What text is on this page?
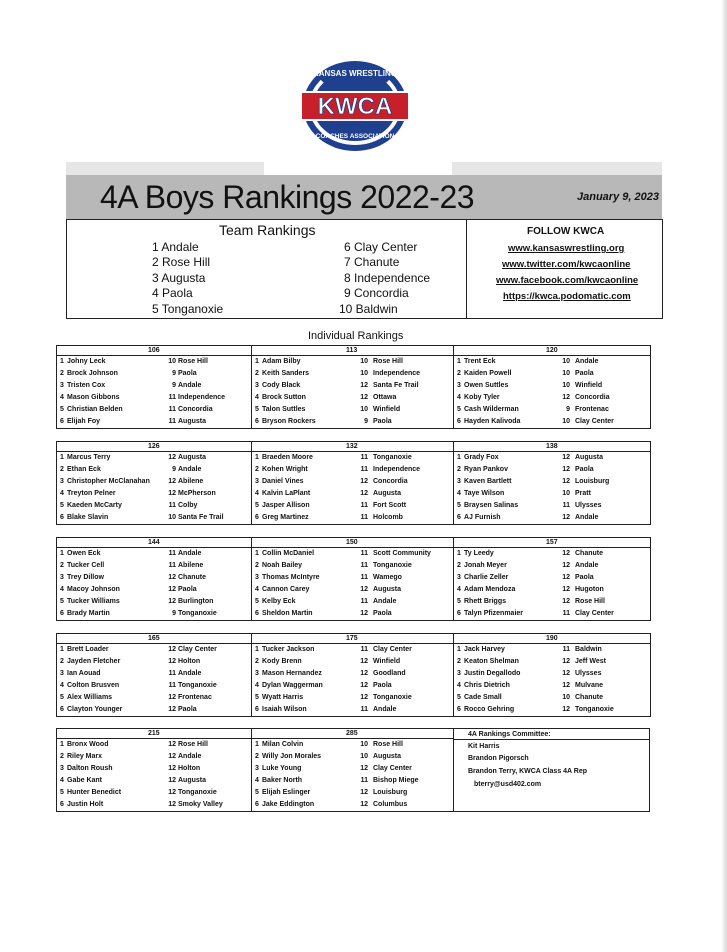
KANSAS WRESTLING
KWCA
COACHES ASSOCIATION
4A Boys Rankings 2022-23	January 9, 2023
Team Rankings
1 Andale
2 Rose Hill
3 Augusta
4 Paola
5 Tonganoxie
6 Clay Center
7 Chanute
8 Independence
9 Concordia
10 Baldwin
FOLLOW KWCA
www.kansaswrestling.org
www.twitter.com/kwcaonline
www.facebook.com/kwcaonline
https://kwca.podomatic.com
Individual Rankings
106
1 Johny Leck	10 Rose Hill
2 Brock Johnson	9 Paola
3 Tristen Cox	9 Andale
4 Mason Gibbons	11 Independence
5 Christian Belden	11 Concordia
6 Elijah Foy	11 Augusta
113
1 Adam Bilby	10 Rose Hill
2 Keith Sanders	10 Independence
3 Cody Black	12 Santa Fe Trail
4 Brock Sutton	12 Ottawa
5 Talon Suttles	10 Winfield
6 Bryson Rockers	9 Paola
120
1 Trent Eck	10 Andale
2 Kaiden Powell	10 Paola
3 Owen Suttles	10 Winfield
4 Koby Tyler	12 Concordia
5 Cash Wilderman	9 Frontenac
6 Hayden Kalivoda	10 Clay Center
126
1 Marcus Terry	12 Augusta
2 Ethan Eck	9 Andale
3 Christopher McClanahan	12 Abilene
4 Treyton Pelner	12 McPherson
5 Kaeden McCarty	11 Colby
6 Blake Slavin	10 Santa Fe Trail
132
1 Braeden Moore	11 Tonganoxie
2 Kohen Wright	11 Independence
3 Daniel Vines	12 Concordia
4 Kalvin LaPlant	12 Augusta
5 Jasper Allison	11 Fort Scott
6 Greg Martinez	11 Holcomb
138
1 Grady Fox	12 Augusta
2 Ryan Pankov	12 Paola
3 Kaven Bartlett	12 Louisburg
4 Taye Wilson	10 Pratt
5 Braysen Salinas	11 Ulysses
6 AJ Furnish	12 Andale
144
1 Owen Eck	11 Andale
2 Tucker Cell	11 Abilene
3 Trey Dillow	12 Chanute
4 Macoy Johnson	12 Paola
5 Tucker Williams	12 Burlington
6 Brady Martin	9 Tonganoxie
150
1 Collin McDaniel	11 Scott Community
2 Noah Bailey	11 Tonganoxie
3 Thomas McIntyre	11 Wamego
4 Cannon Carey	12 Augusta
5 Kelby Eck	11 Andale
6 Sheldon Martin	12 Paola
157
1 Ty Leedy	12 Chanute
2 Jonah Meyer	12 Andale
3 Charlie Zeller	12 Paola
4 Adam Mendoza	12 Hugoton
5 Rhett Briggs	12 Rose Hill
6 Talyn Pfizenmaier	11 Clay Center
165
1 Brett Loader	12 Clay Center
2 Jayden Fletcher	12 Holton
3 Ian Aouad	11 Andale
4 Colton Brusven	11 Tonganoxie
5 Alex Williams	12 Frontenac
6 Clayton Younger	12 Paola
175
1 Tucker Jackson	11 Clay Center
2 Kody Brenn	12 Winfield
3 Mason Hernandez	12 Goodland
4 Dylan Waggerman	12 Paola
5 Wyatt Harris	12 Tonganoxie
6 Isaiah Wilson	11 Andale
190
1 Jack Harvey	11 Baldwin
2 Keaton Shelman	12 Jeff West
3 Justin Degallodo	12 Ulysses
4 Chris Dietrich	12 Mulvane
5 Cade Small	10 Chanute
6 Rocco Gehring	12 Tonganoxie
215
1 Bronx Wood	12 Rose Hill
2 Riley Marx	12 Andale
3 Dalton Roush	12 Holton
4 Gabe Kant	12 Augusta
5 Hunter Benedict	12 Tonganoxie
6 Justin Holt	12 Smoky Valley
285
1 Milan Colvin	10 Rose Hill
2 Willy Jon Morales	10 Augusta
3 Luke Young	12 Clay Center
4 Baker North	11 Bishop Miege
5 Elijah Eslinger	12 Louisburg
6 Jake Eddington	12 Columbus
4A Rankings Committee:
Kit Harris
Brandon Pigorsch
Brandon Terry, KWCA Class 4A Rep
bterry@usd402.com
